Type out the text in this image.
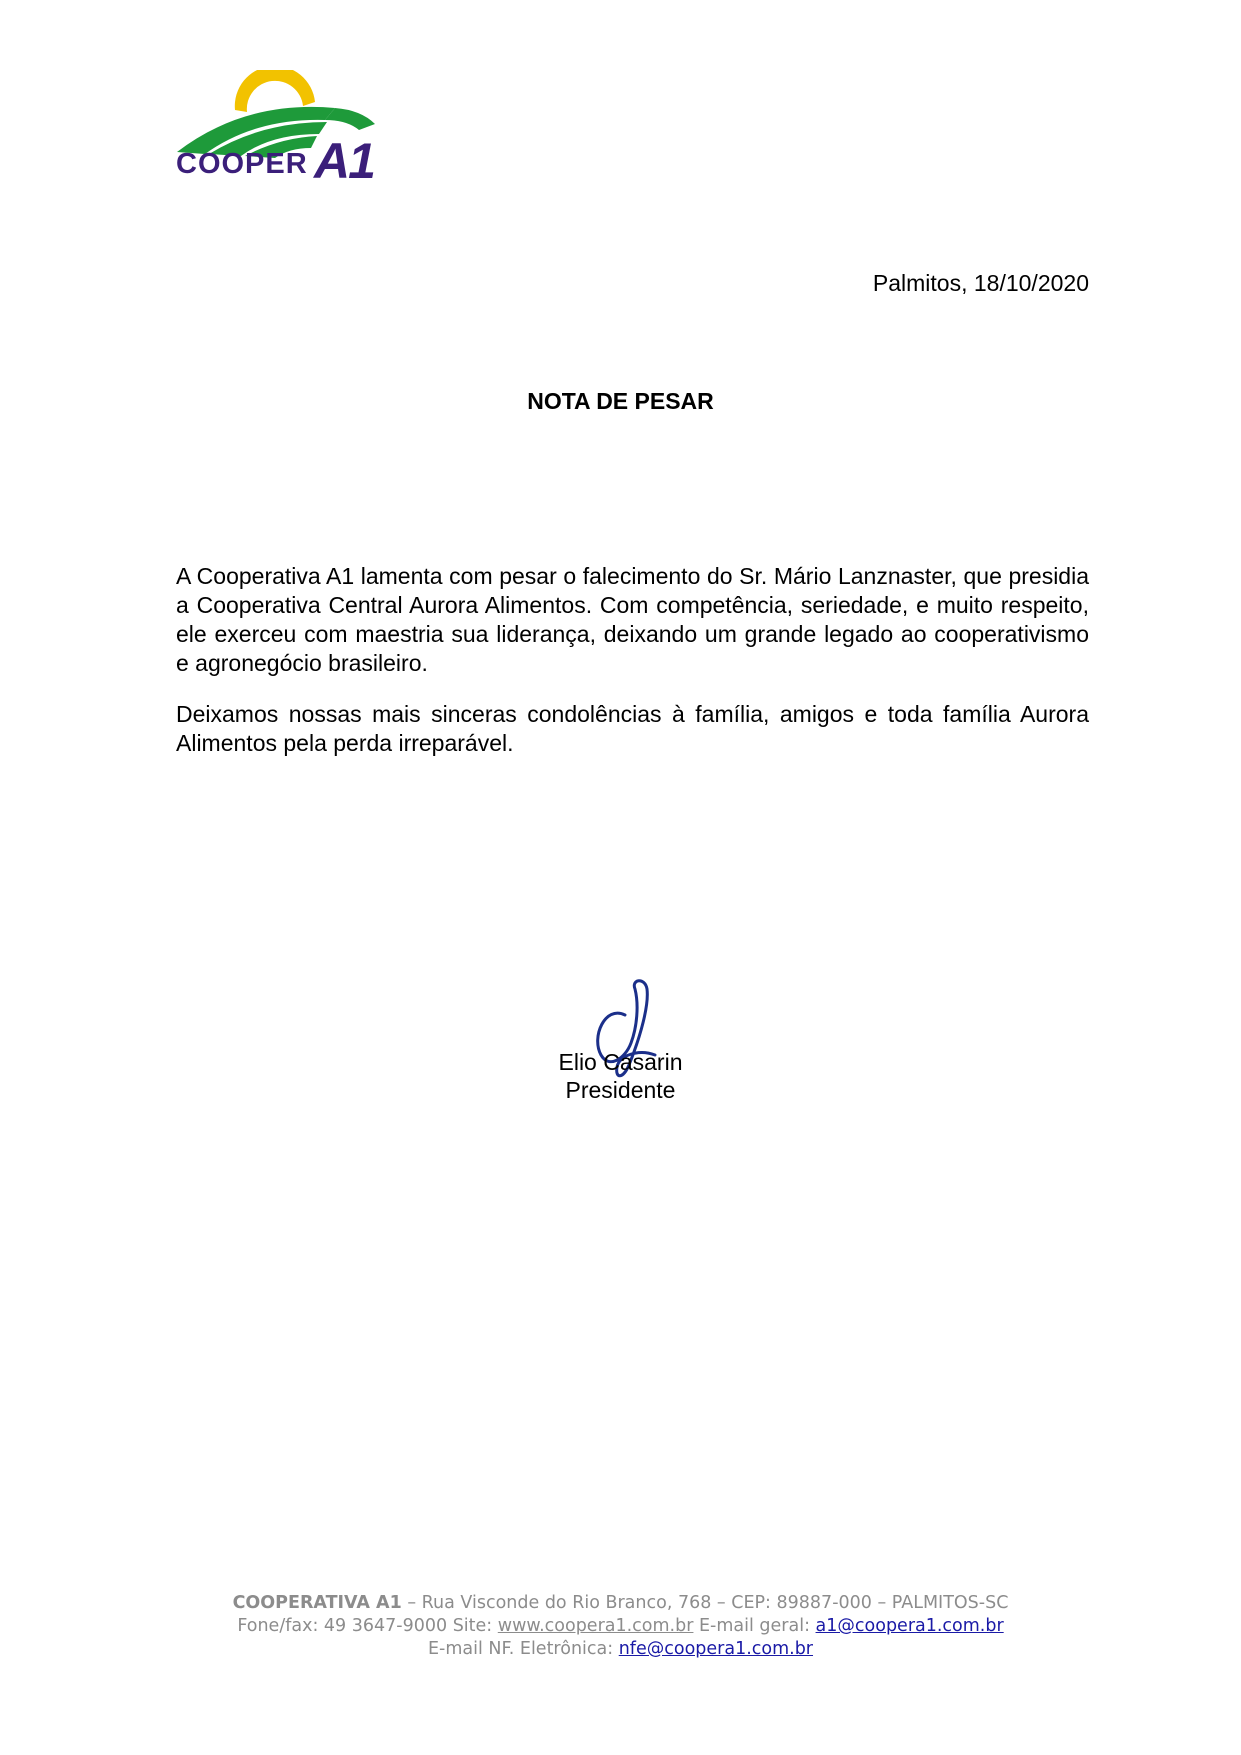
COOPER A1
Palmitos, 18/10/2020
NOTA DE PESAR

A Cooperativa A1 lamenta com pesar o falecimento do Sr. Mário Lanznaster, que presidia a Cooperativa Central Aurora Alimentos. Com competência, seriedade, e muito respeito, ele exerceu com maestria sua liderança, deixando um grande legado ao cooperativismo e agronegócio brasileiro.

Deixamos nossas mais sinceras condolências à família, amigos e toda família Aurora Alimentos pela perda irreparável.

Elio Casarin
Presidente
COOPERATIVA A1 – Rua Visconde do Rio Branco, 768 – CEP: 89887-000 – PALMITOS-SC
Fone/fax: 49 3647-9000 Site: www.coopera1.com.br E-mail geral: a1@coopera1.com.br
E-mail NF. Eletrônica: nfe@coopera1.com.br
